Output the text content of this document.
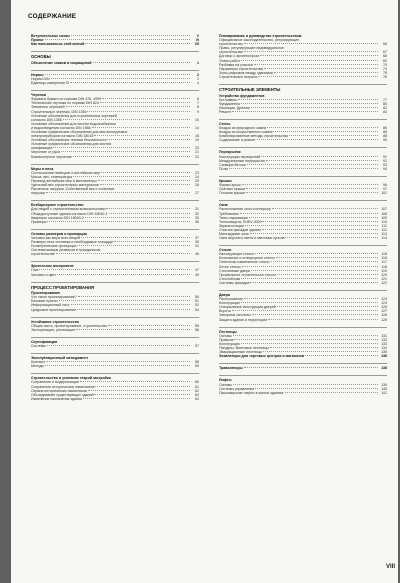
СОДЕРЖАНИЕ
Вступительное слово	V
Пролог	VI
Как пользоваться этой книгой	VII
ОСНОВЫ
Объяснение знаков и сокращений	1
Нормы	2
Нормы DIN	2
Единицы измерения SI	4
Чертежи
Форматы бумаги по нормам DIN 476, 4999	6
Технические чертежи по нормам DIN 824	7
Элементы чертежей	8
Строительные чертежи. DIN 1356	9
Условные обозначения для строительных чертежей
согласно DIN 1356	10
Условные обозначения для систем водоснабжения
и водоотведения согласно DIN 1986	14
Условные графические обозначения для инсталлируемых
электроприборов согласно DIN 18015	16
Условные обозначения техники безопасности	19
Условные графические обозначения для систем
газификации	20
Черчение от руки	21
Компьютерное черчение	22
Меры и веса
Соотношения немецких и английских мер	23
Масса, вес, температура	24
Перевод английских мер в миллиметры	25
Удельный вес строительных материалов	26
Расчетные нагрузки. Собственный вес и полезные
нагрузки	27
Безбарьерное строительство
Для людей с ограниченными возможностями	31
Общедоступные здания согласно DIN 18040-1	32
Квартиры согласно DIN 18040-2	33
Примеры	36
Основы размеров и пропорции
Человек как мера всех вещей	37
Размеры тела человека и необходимые площади	39
Геометрические пропорции	41
Систематизация размеров в гражданском
строительстве	46
Зрительное восприятие
Глаз	47
Человек и цвет	49
ПРОЦЕСС ПРОЕКТИРОВАНИЯ
Проектирование
Что такое проектирование?	50
Базовые пункты	51
Информационный лист	52
Цифровое проектирование	54
Устойчивое строительство
Общая часть, проектирование, строительство	55
Эксплуатация, утилизация	56
Сертификация
Системы	57
Эксплуатационный менеджмент
Контекст	58
Методы	59
Строительство в условиях старой застройки
Сохранение и модернизация	60
Сохранение исторических памятников	61
Охрана исторических памятников	62
Обследование существующих зданий	63
Изменение назначения здания	64
Планирование и руководство строительством
Официальное законодательство, регулирующее
строительство	66
Право, регулирующее индивидуальное
строительство	67
Договор с архитектором	68
Этапы работ	69
Разбивка на участки	70
Параметры строительства	74
Зоны разрывов между зданиями	75
Строительные затраты	76
СТРОИТЕЛЬНЫЕ ЭЛЕМЕНТЫ
Устройство фундаментов
Котлованы	77
Фундаменты	80
Изоляция. Дренаж	82
Ремонт	84
Стены
Кладка из природного камня	85
Кладка из искусственного камня	86
Комбинированные методы строительства	88
Содержание и ремонт	90
Перекрытия
Конструкции перекрытий	91
Междуэтажные перекрытия	92
Санация бетона	93
Полы	94
Крыши
Формы крыш	96
Скатные крыши	97
Плоские крыши	102
Окна
Расположение окон и интерьер	107
Требования	108
Типы открывания	109
Теплозащита, ENEV 2009	110
Звукоизоляция	111
Очистка фасадов здания	112
Мансардные окна	113
Окна верхнего света и световые купола	114
Стекло
Изолирующее стекло	115
Безопасное и огнеупорное стекло	116
Оптически изменяемое стекло	117
Литое стекло	118
Стеклянные двери	119
Профильное строительное стекло	120
Стеклоблоки	121
Системы фасадов	122
Двери
Расположение	123
Конструкции	124
Специальные конструкции дверей	126
Ворота	127
Запорные системы	128
Защита здания и территории	129
Лестницы
Основы	131
Правила	132
Конструкции	133
Пандусы. Винтовые лестницы	134
Эвакуационные лестницы	135
Эскалаторы для торговых центров и магазинов	136
Траволаторы	138
Лифты
Основы	139
Системы управления	140
Пассажирские лифты в жилых зданиях	141
VIII
